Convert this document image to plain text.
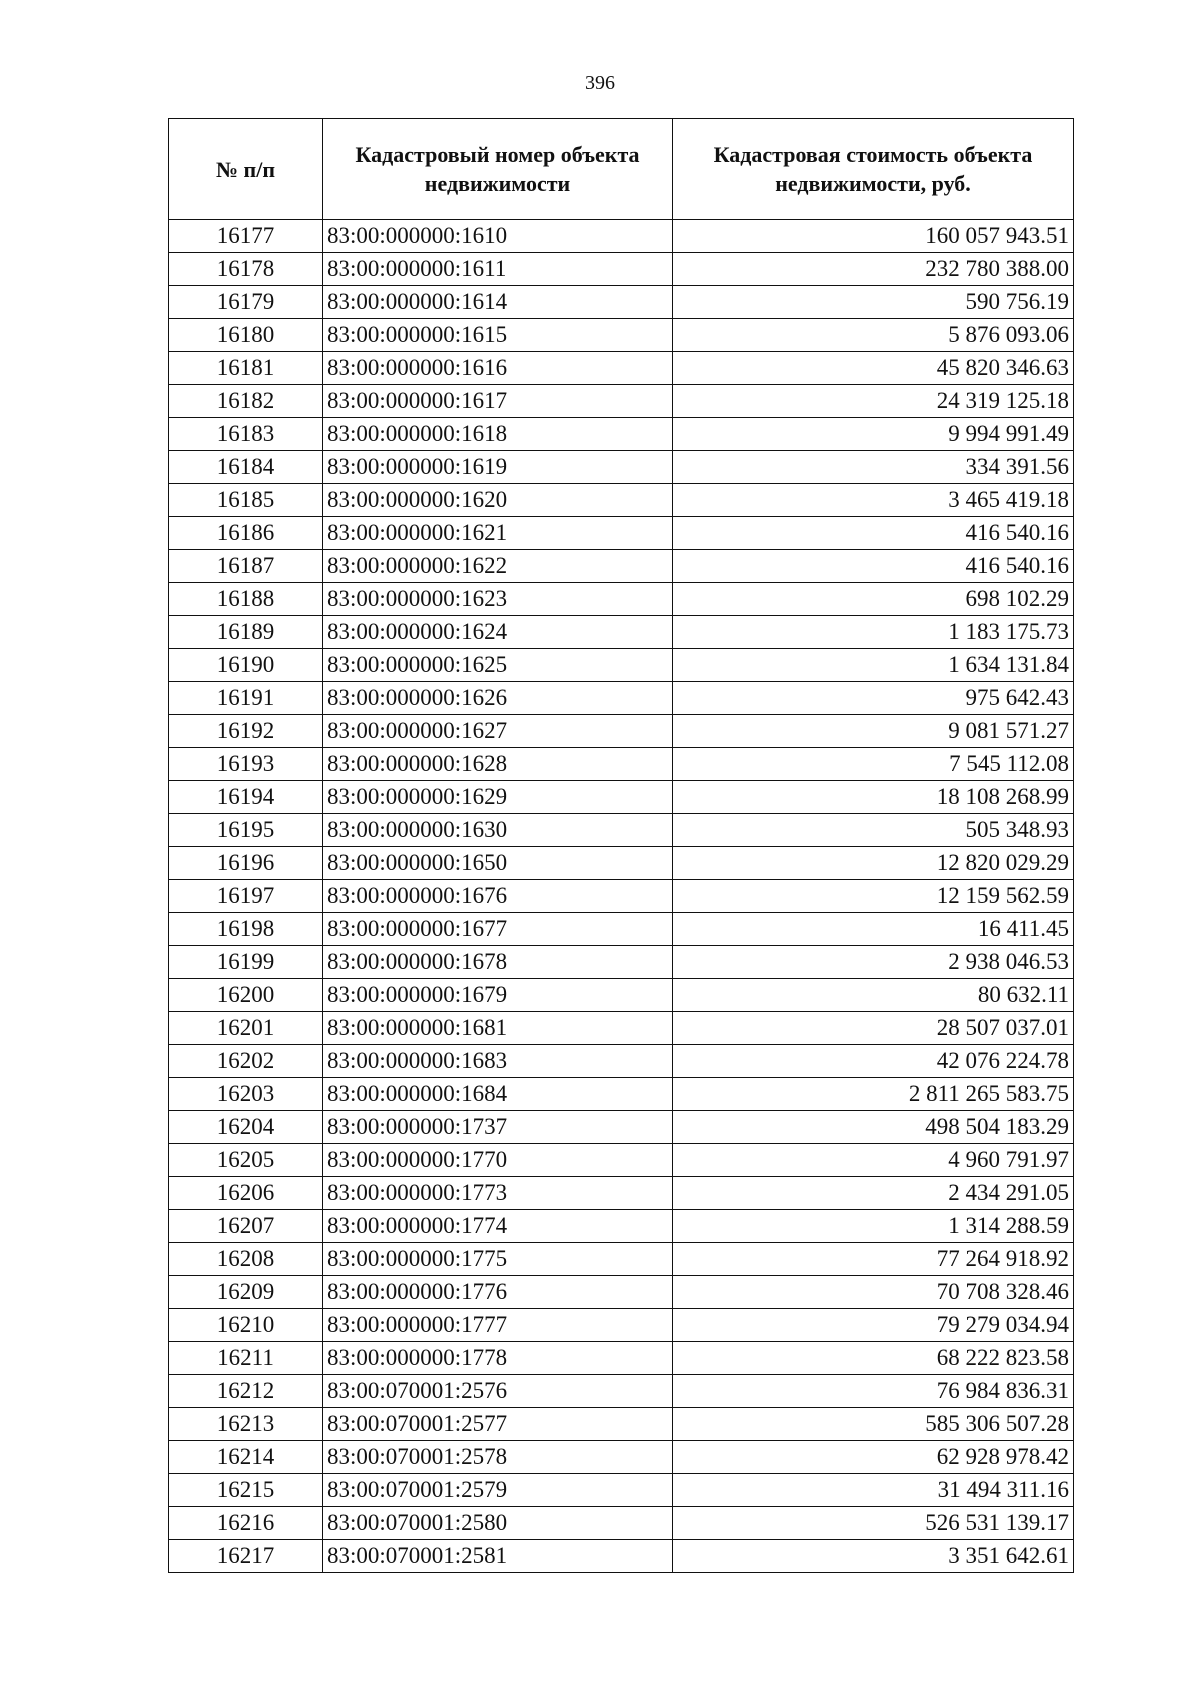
396
№ п/п	Кадастровый номер объекта недвижимости	Кадастровая стоимость объекта недвижимости, руб.
16177	83:00:000000:1610	160 057 943.51
16178	83:00:000000:1611	232 780 388.00
16179	83:00:000000:1614	590 756.19
16180	83:00:000000:1615	5 876 093.06
16181	83:00:000000:1616	45 820 346.63
16182	83:00:000000:1617	24 319 125.18
16183	83:00:000000:1618	9 994 991.49
16184	83:00:000000:1619	334 391.56
16185	83:00:000000:1620	3 465 419.18
16186	83:00:000000:1621	416 540.16
16187	83:00:000000:1622	416 540.16
16188	83:00:000000:1623	698 102.29
16189	83:00:000000:1624	1 183 175.73
16190	83:00:000000:1625	1 634 131.84
16191	83:00:000000:1626	975 642.43
16192	83:00:000000:1627	9 081 571.27
16193	83:00:000000:1628	7 545 112.08
16194	83:00:000000:1629	18 108 268.99
16195	83:00:000000:1630	505 348.93
16196	83:00:000000:1650	12 820 029.29
16197	83:00:000000:1676	12 159 562.59
16198	83:00:000000:1677	16 411.45
16199	83:00:000000:1678	2 938 046.53
16200	83:00:000000:1679	80 632.11
16201	83:00:000000:1681	28 507 037.01
16202	83:00:000000:1683	42 076 224.78
16203	83:00:000000:1684	2 811 265 583.75
16204	83:00:000000:1737	498 504 183.29
16205	83:00:000000:1770	4 960 791.97
16206	83:00:000000:1773	2 434 291.05
16207	83:00:000000:1774	1 314 288.59
16208	83:00:000000:1775	77 264 918.92
16209	83:00:000000:1776	70 708 328.46
16210	83:00:000000:1777	79 279 034.94
16211	83:00:000000:1778	68 222 823.58
16212	83:00:070001:2576	76 984 836.31
16213	83:00:070001:2577	585 306 507.28
16214	83:00:070001:2578	62 928 978.42
16215	83:00:070001:2579	31 494 311.16
16216	83:00:070001:2580	526 531 139.17
16217	83:00:070001:2581	3 351 642.61
